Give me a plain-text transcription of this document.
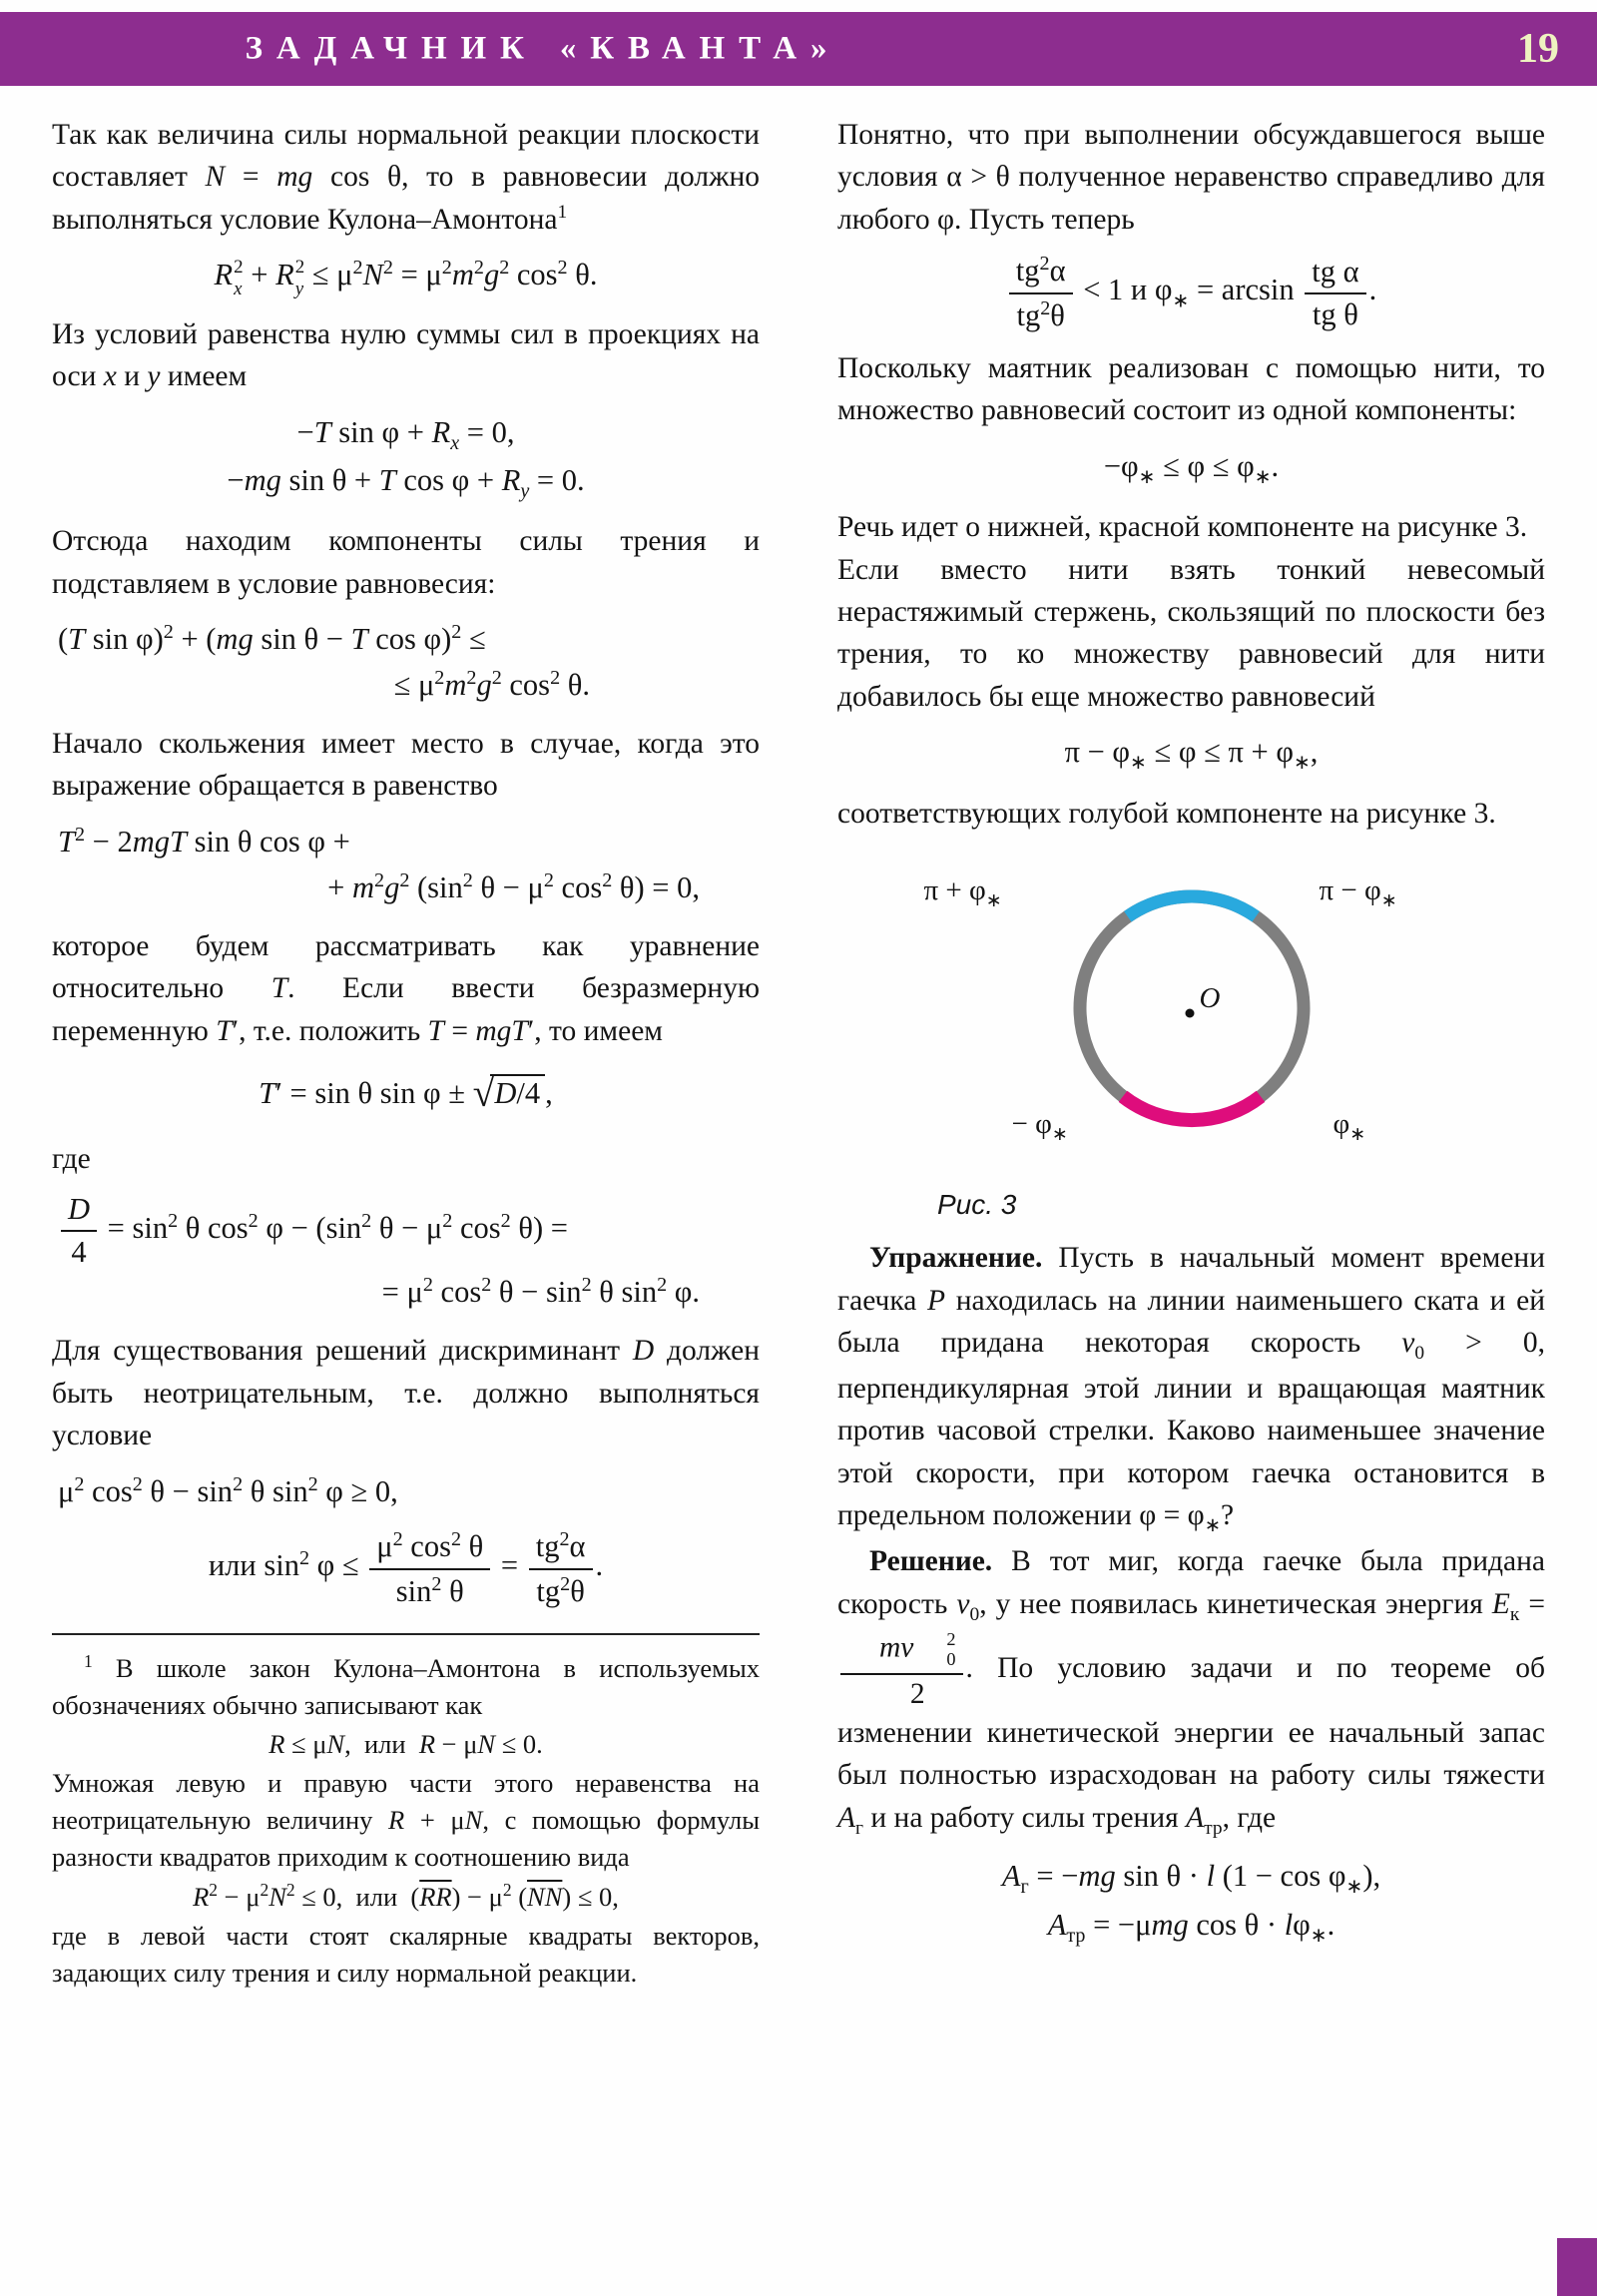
ЗАДАЧНИК «КВАНТА»	19
Так как величина силы нормальной реакции плоскости составляет N = mg cos θ, то в равновесии должно выполняться условие Кулона–Амонтона$^1$
R 2
x + R 2
$y \le \mu^2N^2 = \mu^2m^2g^2$ $\cos^2 \theta$.
Из условий равенства нулю суммы сил в проекциях на оси x и y имеем
−T $\sin \varphi + R_x = 0$,
−mg sin θ + T $\cos \varphi + R_y = 0$.
Отсюда находим компоненты силы трения и подставляем в условие равновесия:
(T sin φ)$^2$ + (mg sin θ − T cos φ)$^2$ ≤
≤ $\mu^2m^2g^2$ $\cos^2 \theta$.
Начало скольжения имеет место в случае, когда это выражение обращается в равенство
$T^2 - 2mgT$ sin θ cos φ +
+ $m^2g^2$ ($\sin^2$ $\theta - \mu^2$ $\cos^2 \theta) = 0$,
которое будем рассматривать как уравнение относительно T. Если ввести безразмерную переменную T′, т.е. положить T = mgT′, то имеем
T′ = sin θ sin φ ± √D/4 ,
где
$\frac{D}{4} = \sin^2 \theta$ $\cos^2 \varphi - (\sin^2$ $\theta - \mu^2$ $\cos^2 \theta$) =
= $\mu^2$ $\cos^2 \theta - \sin^2 \theta$ $\sin^2 \varphi$.
Для существования решений дискриминант D должен быть неотрицательным, т.е. должно выполняться условие
$\mu^2$ $\cos^2 \theta - \sin^2 \theta$ $\sin^2 \varphi \ge 0$,
или $\sin^2 \varphi \le \frac{\mu^2 \cos^2 \theta}{\sin^2 \theta} = \frac{tg^2\alpha}{tg^2\theta}$ .
$^1$ В школе закон Кулона–Амонтона в используемых обозначениях обычно записывают как
R ≤ μN,  или  R − μN ≤ 0.
Умножая левую и правую части этого неравенства на неотрицательную величину R + μN, с помощью формулы разности квадратов приходим к соотношению вида
$R^2 - \mu^2N^2 \le 0$,  или  $(\overline{RR}) - \mu^2$ $(\overline{NN}) \le 0$,
где в левой части стоят скалярные квадраты векторов, задающих силу трения и силу нормальной реакции.
Понятно, что при выполнении обсуждавшегося выше условия α > θ полученное неравенство справедливо для любого φ. Пусть теперь
$\frac{tg^2\alpha}{tg^2\theta} < 1$ и $\varphi_∗ = \arcsin \frac{\text{tg α}}{\text{tg θ}}$ .
Поскольку маятник реализован с помощью нити, то множество равновесий состоит из одной компоненты:
$-\varphi_∗ \le \varphi \le \varphi_∗$.
Речь идет о нижней, красной компоненте на рисунке 3.
Если вместо нити взять тонкий невесомый нерастяжимый стержень, скользящий по плоскости без трения, то ко множеству равновесий для нити добавилось бы еще множество равновесий
$\pi - \varphi_∗ \le \varphi \le \pi + \varphi_∗$,
соответствующих голубой компоненте на рисунке 3.
$\pi + \varphi_∗$	$\pi - \varphi_∗$
− $\varphi_∗$	$\varphi_∗$
O
Рис. 3
Упражнение. Пусть в начальный момент времени гаечка P находилась на линии наименьшего ската и ей была придана некоторая скорость $v_0 > 0$, перпендикулярная этой линии и вращающая маятник против часовой стрелки. Каково наименьшее значение этой скорости, при котором гаечка остановится в предельном положении $\varphi = \varphi_∗$?
Решение. В тот миг, когда гаечке была придана скорость $v_0$, у нее появилась кинетическая энергия $E_к$ =
mv	2
0
2 . По условию задачи и по теореме об изменении кинетической энергии ее начальный запас был полностью израсходован на работу силы тяжести $A_г$ и на работу силы трения $A_{тр}$, где
$A_г = -mg$ sin θ · l $(1 - \cos \varphi_∗)$,
$A_{тр} = -\mu mg$ $\cos \theta \cdot l\varphi_∗$.
